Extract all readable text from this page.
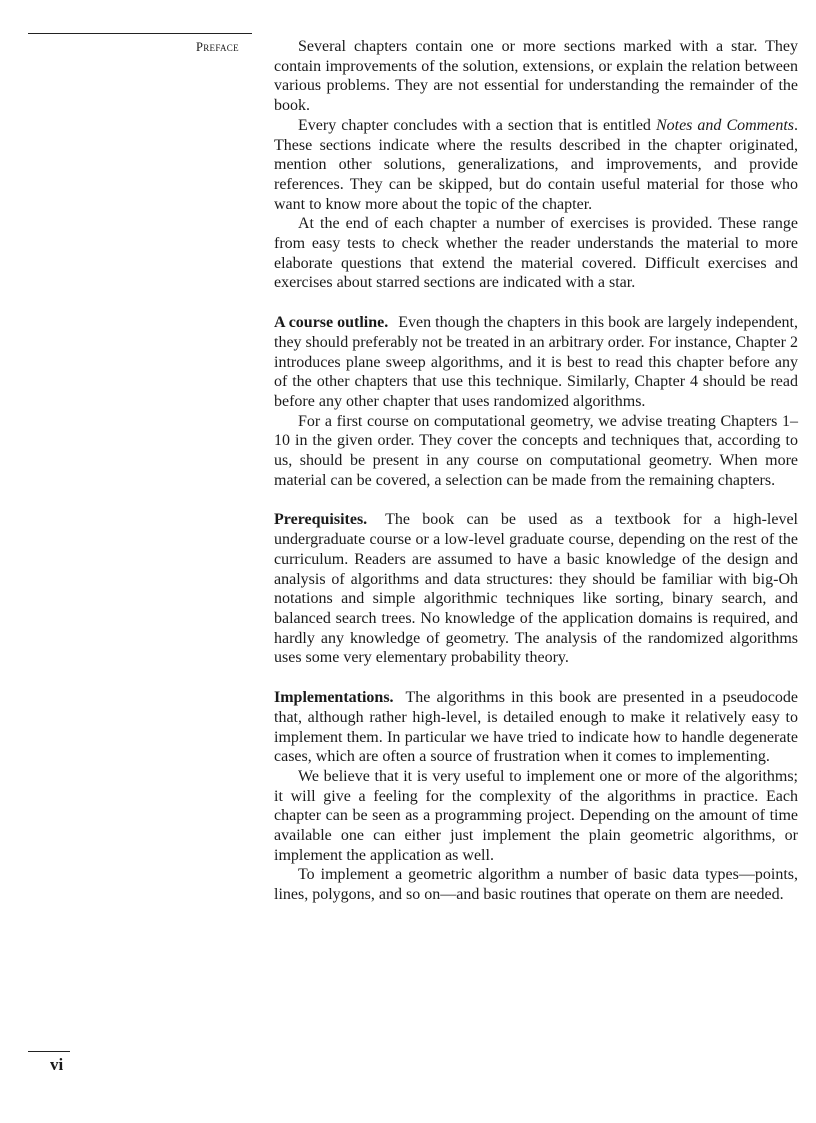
Preface	Several chapters contain one or more sections marked with a star. They contain improvements of the solution, extensions, or explain the relation between various problems. They are not essential for understanding the remainder of the book.

Every chapter concludes with a section that is entitled Notes and Comments. These sections indicate where the results described in the chapter originated, mention other solutions, generalizations, and improvements, and provide references. They can be skipped, but do contain useful material for those who want to know more about the topic of the chapter.

At the end of each chapter a number of exercises is provided. These range from easy tests to check whether the reader understands the material to more elaborate questions that extend the material covered. Difficult exercises and exercises about starred sections are indicated with a star.

A course outline. Even though the chapters in this book are largely independent, they should preferably not be treated in an arbitrary order. For instance, Chapter 2 introduces plane sweep algorithms, and it is best to read this chapter before any of the other chapters that use this technique. Similarly, Chapter 4 should be read before any other chapter that uses randomized algorithms.

For a first course on computational geometry, we advise treating Chapters 1–10 in the given order. They cover the concepts and techniques that, according to us, should be present in any course on computational geometry. When more material can be covered, a selection can be made from the remaining chapters.

Prerequisites. The book can be used as a textbook for a high-level undergraduate course or a low-level graduate course, depending on the rest of the curriculum. Readers are assumed to have a basic knowledge of the design and analysis of algorithms and data structures: they should be familiar with big-Oh notations and simple algorithmic techniques like sorting, binary search, and balanced search trees. No knowledge of the application domains is required, and hardly any knowledge of geometry. The analysis of the randomized algorithms uses some very elementary probability theory.

Implementations. The algorithms in this book are presented in a pseudocode that, although rather high-level, is detailed enough to make it relatively easy to implement them. In particular we have tried to indicate how to handle degenerate cases, which are often a source of frustration when it comes to implementing.

We believe that it is very useful to implement one or more of the algorithms; it will give a feeling for the complexity of the algorithms in practice. Each chapter can be seen as a programming project. Depending on the amount of time available one can either just implement the plain geometric algorithms, or implement the application as well.

To implement a geometric algorithm a number of basic data types—points, lines, polygons, and so on—and basic routines that operate on them are needed.

vi
